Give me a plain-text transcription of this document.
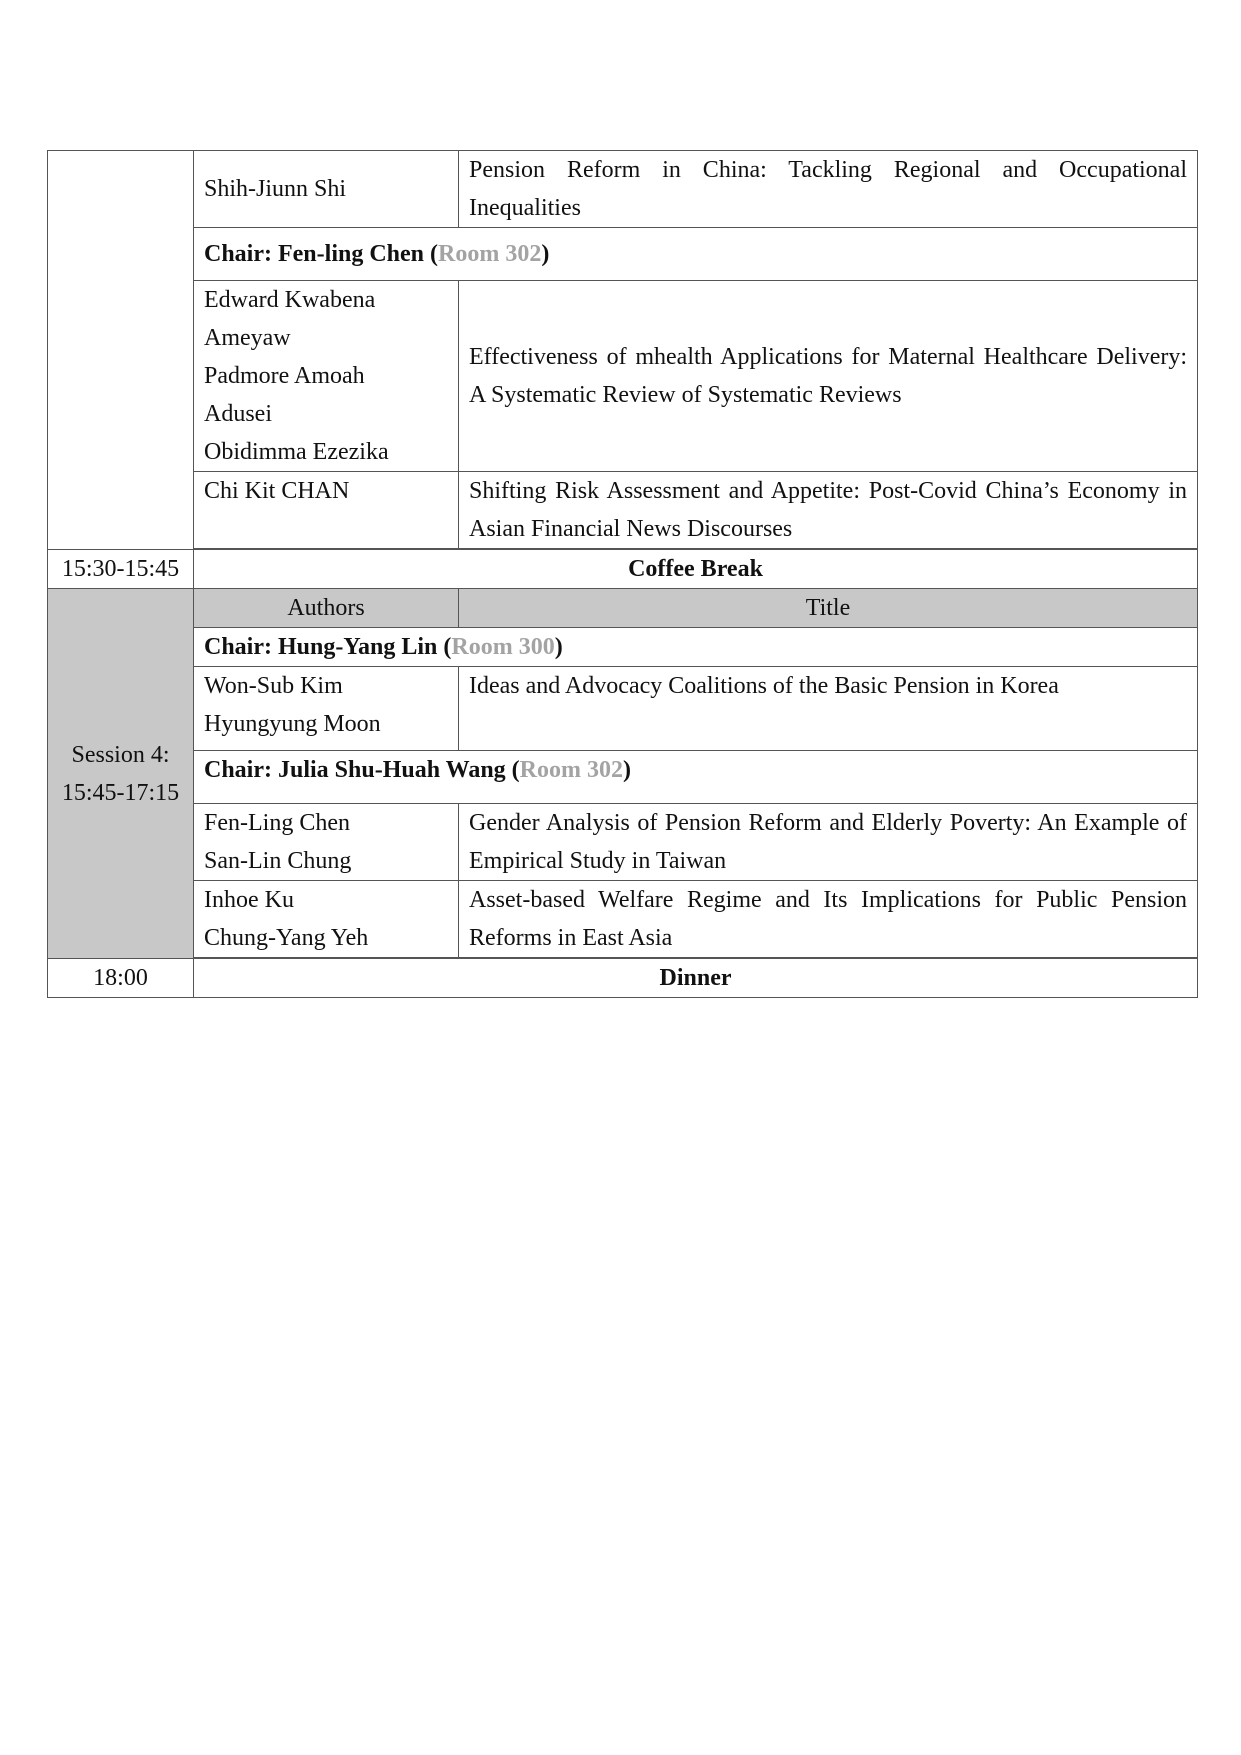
	Shih-Jiunn Shi	Pension Reform in China: Tackling Regional and Occupational Inequalities
	Chair: Fen-ling Chen (Room 302)	

	Edward Kwabena
Ameyaw
Padmore Amoah
Adusei
Obidimma Ezezika	Effectiveness of mhealth Applications for Maternal Healthcare Delivery: A Systematic Review of Systematic Reviews

	Chi Kit CHAN	Shifting Risk Assessment and Appetite: Post-Covid China’s Economy in Asian Financial News Discourses

15:30-15:45	Coffee Break	

Session 4:
15:45-17:15	Authors	Title
	Chair: Hung-Yang Lin (Room 300)	

	Won-Sub Kim
Hyungyung Moon	Ideas and Advocacy Coalitions of the Basic Pension in Korea
	Chair: Julia Shu-Huah Wang (Room 302)	

	Fen-Ling Chen
San-Lin Chung	Gender Analysis of Pension Reform and Elderly Poverty: An Example of Empirical Study in Taiwan

	Inhoe Ku
Chung-Yang Yeh	Asset-based Welfare Regime and Its Implications for Public Pension Reforms in East Asia

18:00	Dinner	
